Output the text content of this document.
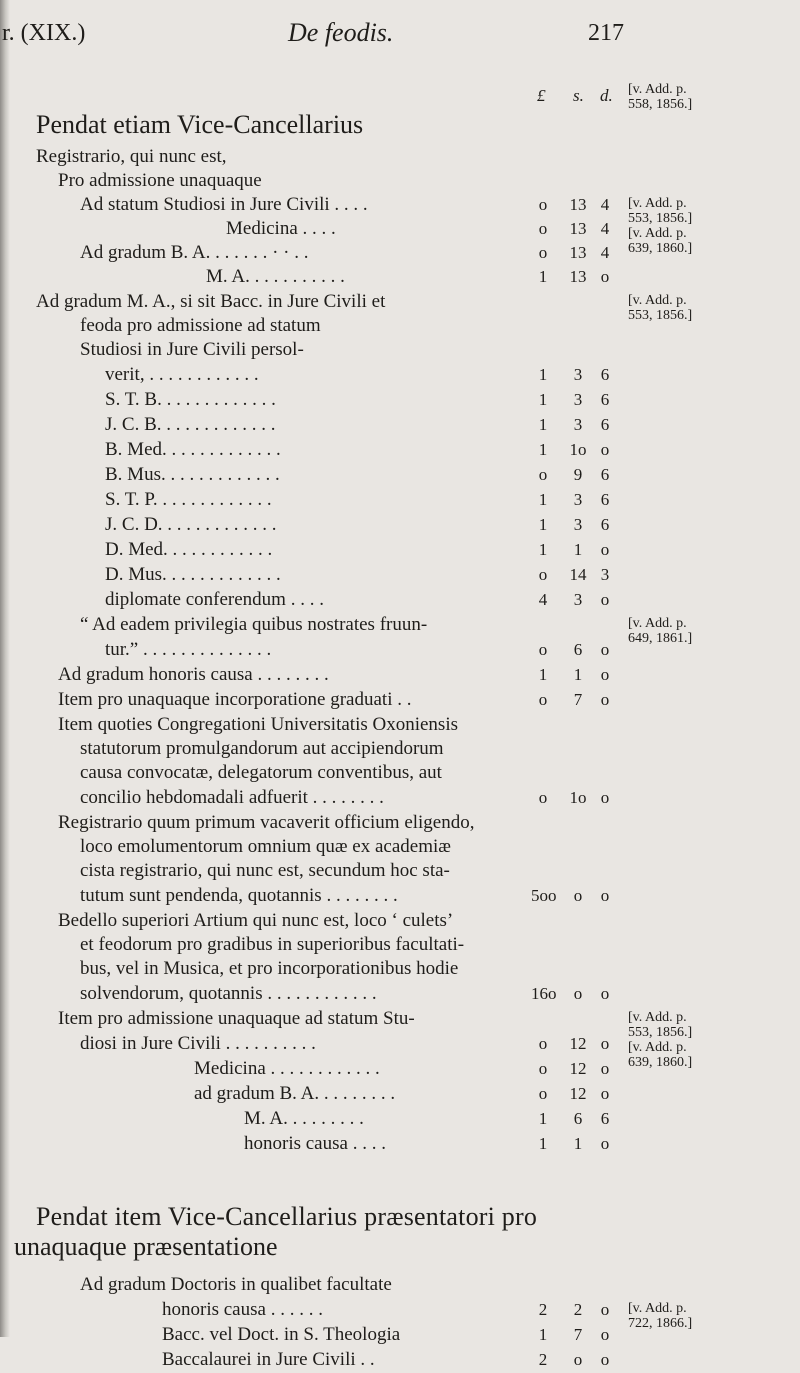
r. (XIX.)	De feodis.	217
£ s. d.
Pendat etiam Vice-Cancellarius
Registrario, qui nunc est,
Pro admissione unaquaque
Ad statum Studiosi in Jure Civili . . . .	o	13 4
Medicina . . . .	o	13 4
Ad gradum B. A. . . . . . . · · . .	o	13 4
M. A. . . . . . . . . . .	1	13 o
Ad gradum M. A., si sit Bacc. in Jure Civili et
feoda pro admissione ad statum
Studiosi in Jure Civili persol-
verit, . . . . . . . . . . . .	1	3	6
S. T. B. . . . . . . . . . . . .	1	3	6
J. C. B. . . . . . . . . . . . .	1	3	6
B. Med. . . . . . . . . . . . .	1	1o o
B. Mus. . . . . . . . . . . . .	o	9	6
S. T. P. . . . . . . . . . . . .	1	3	6
J. C. D. . . . . . . . . . . . .	1	3	6
D. Med. . . . . . . . . . . .	1	1	o
D. Mus. . . . . . . . . . . . .	o	14 3
diplomate conferendum . . . .	4	3	o
“ Ad eadem privilegia quibus nostrates fruun-
tur.” . . . . . . . . . . . . . .	o	6	o
Ad gradum honoris causa . . . . . . . .	1	1	o
Item pro unaquaque incorporatione graduati . .	o	7	o
Item quoties Congregationi Universitatis Oxoniensis
statutorum promulgandorum aut accipiendorum
causa convocatæ, delegatorum conventibus, aut
concilio hebdomadali adfuerit . . . . . . . .	o	1o o
Registrario quum primum vacaverit officium eligendo,
loco emolumentorum omnium quæ ex academiæ
cista registrario, qui nunc est, secundum hoc sta-
tutum sunt pendenda, quotannis . . . . . . . .	5oo	o	o
Bedello superiori Artium qui nunc est, loco ‘ culets’
et feodorum pro gradibus in superioribus facultati-
bus, vel in Musica, et pro incorporationibus hodie
solvendorum, quotannis . . . . . . . . . . . .	16o	o	o
Item pro admissione unaquaque ad statum Stu-
diosi in Jure Civili . . . . . . . . . .	o	12 o
Medicina . . . . . . . . . . . .	o	12 o
ad gradum B. A. . . . . . . . .	o	12 o
M. A. . . . . . . . .	1	6	6
honoris causa . . . .	1	1	o
Ad gradum Doctoris in qualibet facultate
honoris causa . . . . . .	2	2	o
Bacc. vel Doct. in S. Theologia	1	7	o
Baccalaurei in Jure Civili . .	2	o	o
Pendat item Vice-Cancellarius præsentatori pro
unaquaque præsentatione
[v. Add. p.
558, 1856.]
[v. Add. p.
553, 1856.]
[v. Add. p.
639, 1860.]
[v. Add. p.
553, 1856.]
[v. Add. p.
649, 1861.]
[v. Add. p.
553, 1856.]
[v. Add. p.
639, 1860.]
[v. Add. p.
722, 1866.]
